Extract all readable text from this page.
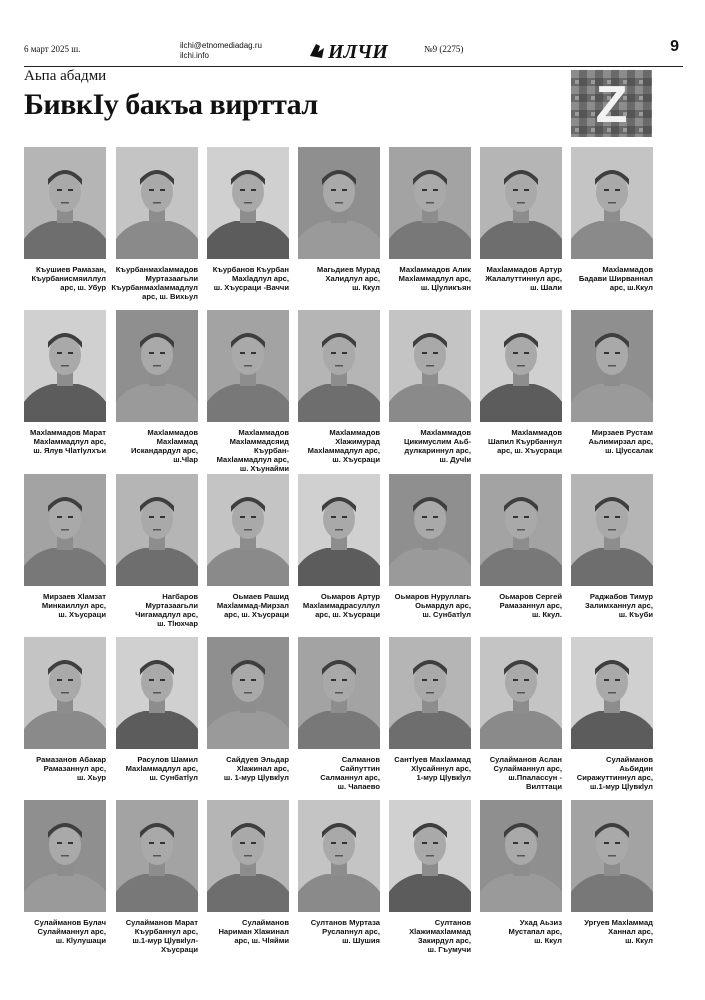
6 март 2025 ш.	ilchi@etnomediadag.ru
ilchi.info	ИЛЧИ	№9 (2275)	9
Аьпа абадми
БивкІу бакъа вирттал	Z
Къушиев Рамазан,
Къурбанисмяиллул
арс, ш. Убур
Къурбанмахlаммадов
Муртазаагьли
Къурбанмахlаммадлул
арс, ш. Вихьул
Къурбанов Къурбан
Махlадлул арс,
ш. Хъусраци -Ваччи
Магьдиев Мурад
Халидлул арс,
ш. Ккул
Махlаммадов Алик
Махlаммадлул арс,
ш. Цlуликъян
Махlаммадов Артур
Жалалуттиннул арс,
ш. Шали
Махlаммадов
Бадави Ширваннал
арс, ш.Ккул
Махlаммадов Марат
Махlаммадлул арс,
ш. Ялув Чlатlулхъи
Махlаммадов
Махlаммад
Искандардул арс,
ш.Чlар
Махlаммадов
Махlаммадсяид
Къурбан-
Махlаммадлул арс,
ш. Хъунайми
Махlаммадов
Хlажимурад
Махlаммадлул арс,
ш. Хъусраци
Махlаммадов
Цикимуслим Аьб-
дулкариннул арс,
ш. Дучlи
Махlаммадов
Шапил Къурбаннул
арс, ш. Хъусраци
Мирзаев Рустам
Аьлимирзал арс,
ш. Цlуссалак
Мирзаев Хlамзат
Минкаиллул арс,
ш. Хъусраци
Нагбаров
Муртазаагьли
Чигамадлул арс,
ш. Тlюхчар
Оьмаев Рашид
Махlаммад-Мирзал
арс, ш. Хъусраци
Оьмаров Артур
Махlаммадрасуллул
арс, ш. Хъусраци
Оьмаров Нуруллагь
Оьмардул арс,
ш. Сунбатlул
Оьмаров Сергей
Рамазаннул арс,
ш. Ккул.
Раджабов Тимур
Залимханнул арс,
ш. Къуби
Рамазанов Абакар
Рамазаннул арс,
ш. Хьур
Расулов Шамил
Махlаммадлул арс,
ш. Сунбатlул
Сайдуев Эльдар
Хlажинал арс,
ш. 1-мур Цlувкlул
Салманов
Сайпуттин
Салманнул арс,
ш. Чапаево
Сантlуев Махlаммад
Хlусайннул арс,
1-мур Цlувкlул
Сулайманов Аслан
Сулайманнул арс,
ш.Ппалассун -
Вилттаци
Сулайманов
Аьбидин
Сиражуттиннул арс,
ш.1-мур Цlувкlул
Сулайманов Булач
Сулайманнул арс,
ш. Кlулушаци
Сулайманов Марат
Къурбаннул арс,
ш.1-мур Цlувкlул-
Хъусраци
Сулайманов
Нариман Хlажинал
арс, ш. Чlяйми
Султанов Муртаза
Руслаnнул арс,
ш. Шушия
Султанов
Хlажимахlаммад
Закирдул арс,
ш. Гъумучи
Ухад Аьзиз
Мустапал арс,
ш. Ккул
Ургуев Махlаммад
Ханнал арс,
ш. Ккул
